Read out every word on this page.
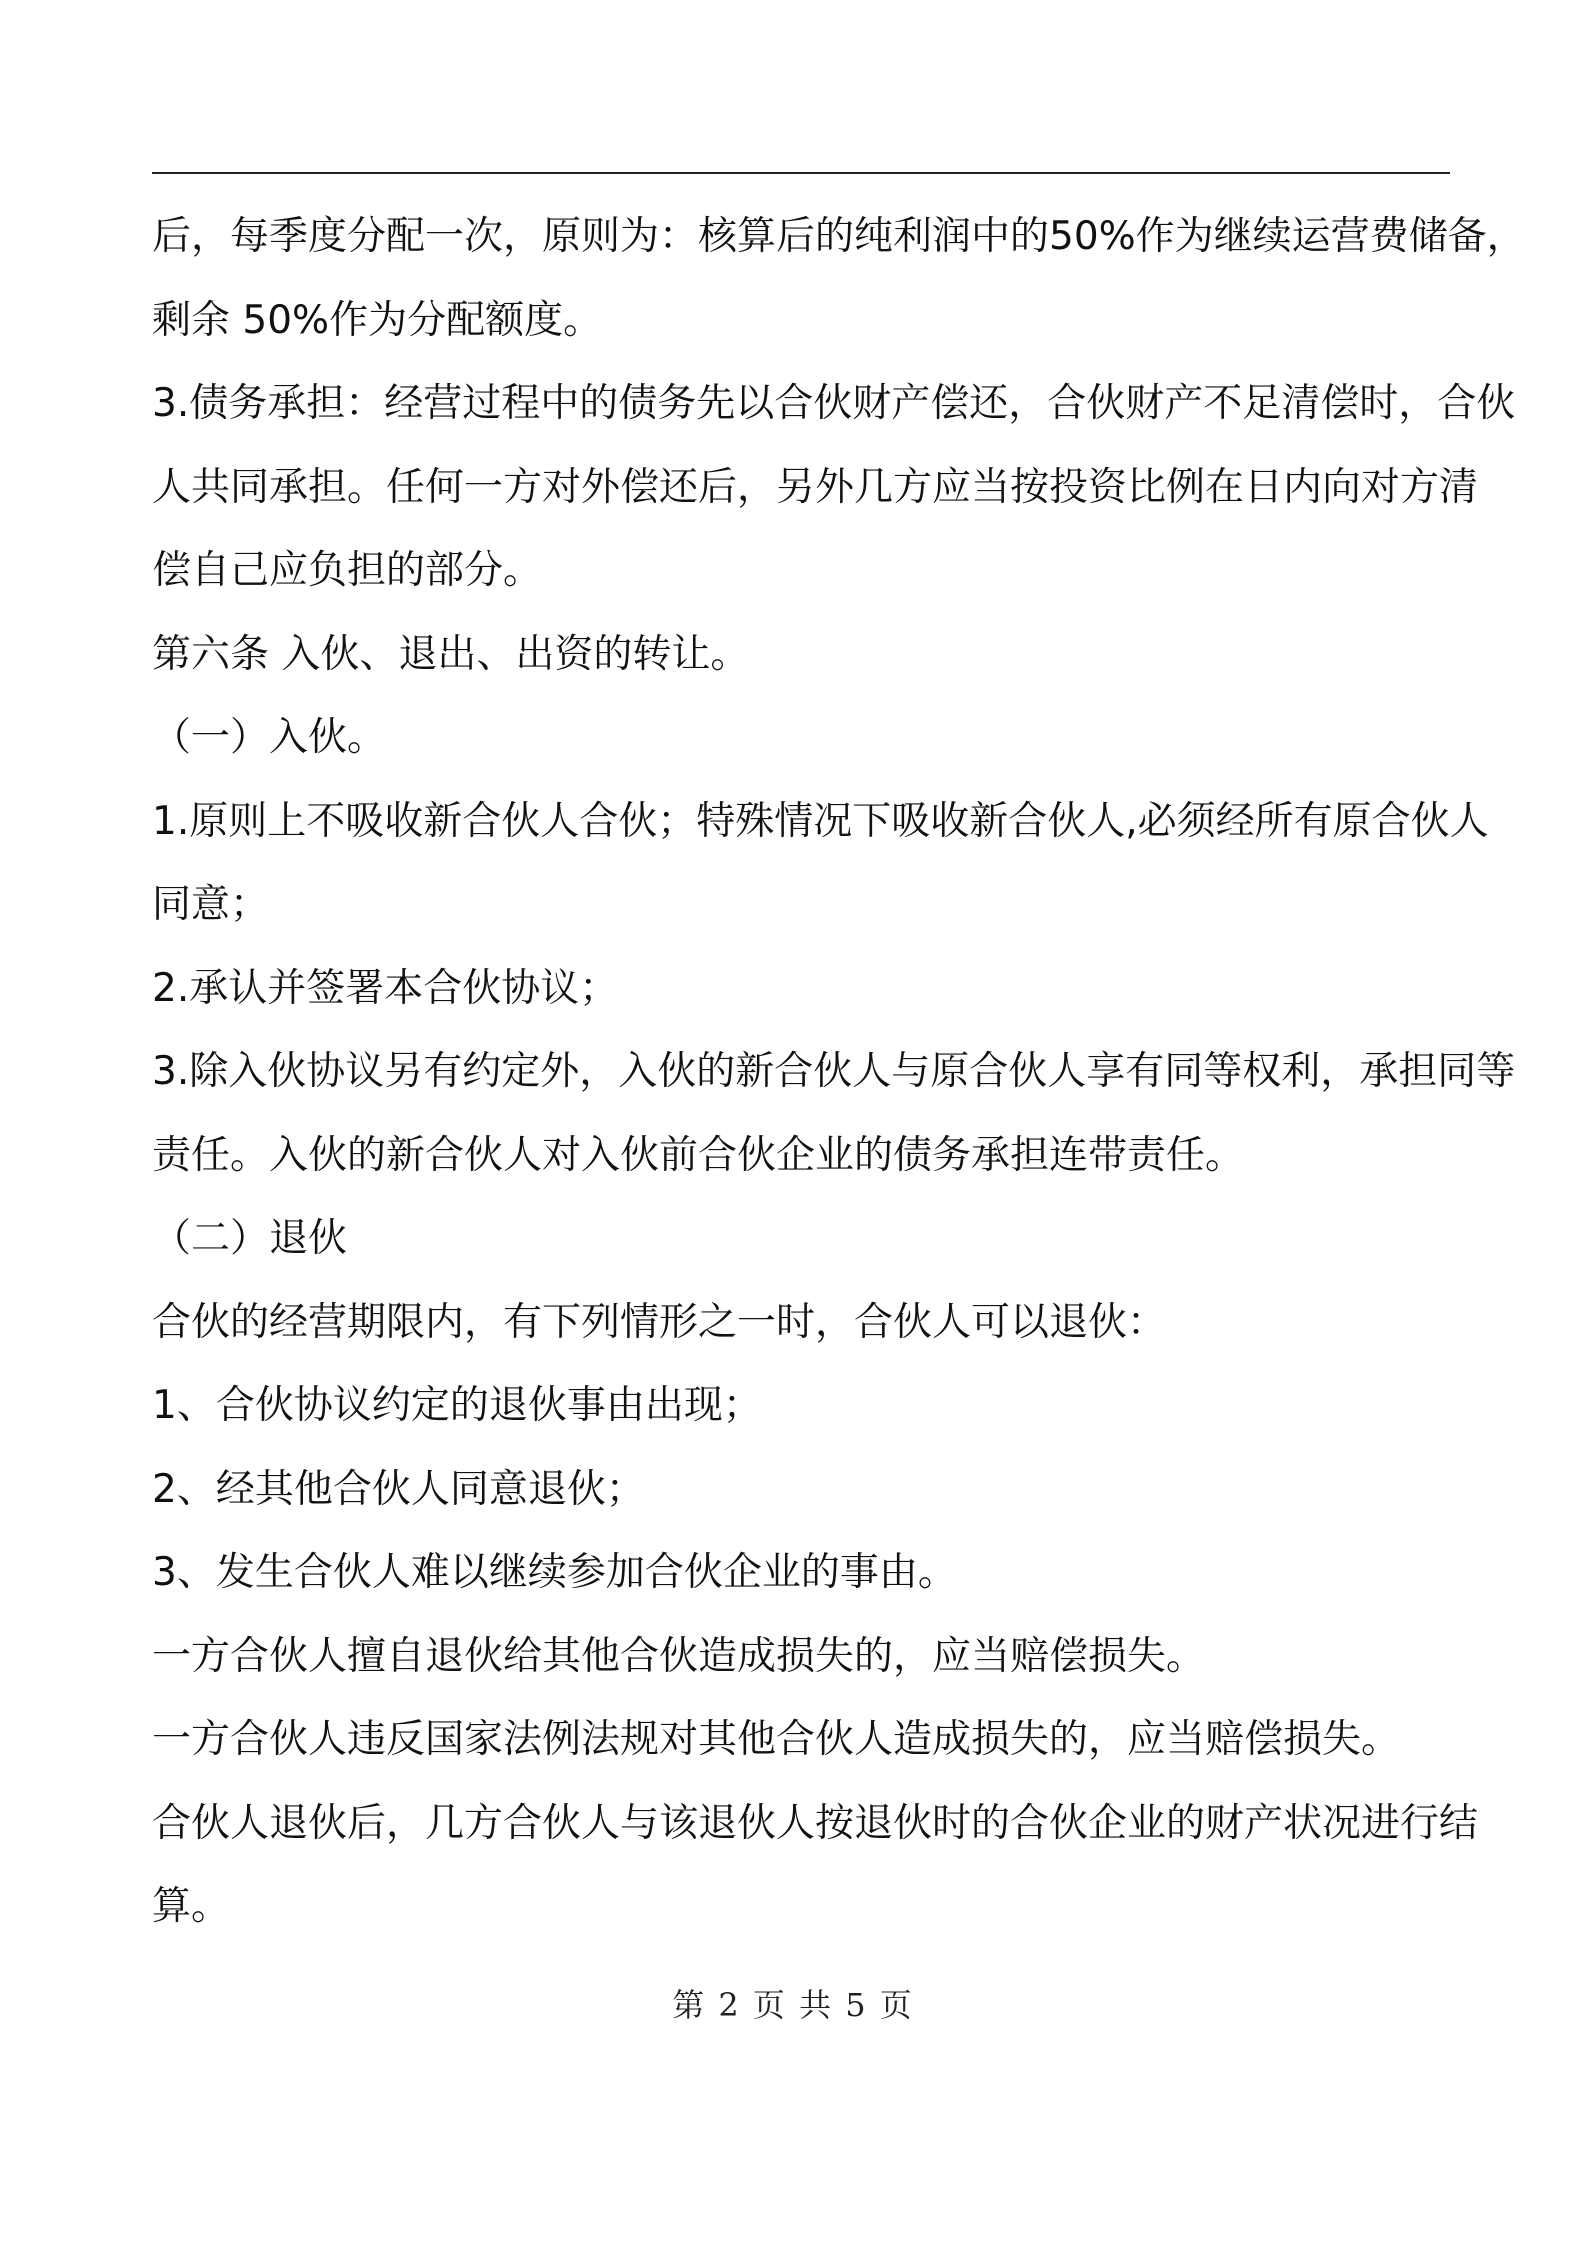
后，每季度分配一次，原则为：核算后的纯利润中的50%作为继续运营费储备，
剩余 50%作为分配额度。
3.债务承担：经营过程中的债务先以合伙财产偿还，合伙财产不足清偿时，合伙
人共同承担。任何一方对外偿还后，另外几方应当按投资比例在日内向对方清
偿自己应负担的部分。
第六条 入伙、退出、出资的转让。
（一）入伙。
1.原则上不吸收新合伙人合伙；特殊情况下吸收新合伙人,必须经所有原合伙人
同意；
2.承认并签署本合伙协议；
3.除入伙协议另有约定外，入伙的新合伙人与原合伙人享有同等权利，承担同等
责任。入伙的新合伙人对入伙前合伙企业的债务承担连带责任。
（二）退伙
合伙的经营期限内，有下列情形之一时，合伙人可以退伙：
1、合伙协议约定的退伙事由出现；
2、经其他合伙人同意退伙；
3、发生合伙人难以继续参加合伙企业的事由。
一方合伙人擅自退伙给其他合伙造成损失的，应当赔偿损失。
一方合伙人违反国家法例法规对其他合伙人造成损失的，应当赔偿损失。
合伙人退伙后，几方合伙人与该退伙人按退伙时的合伙企业的财产状况进行结
算。
第 2 页 共 5 页
